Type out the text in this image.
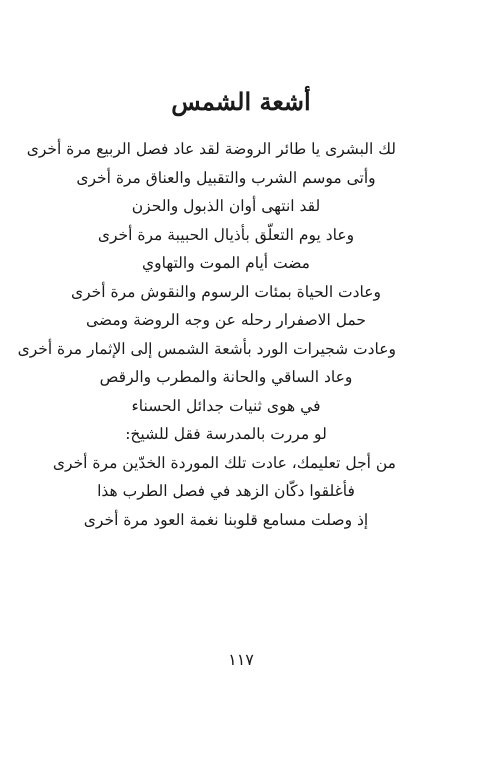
أشعة الشمس
لك البشرى يا طائر الروضة لقد عاد فصل الربيع مرة أخرى
وأتى موسم الشرب والتقبيل والعناق مرة أخرى
لقد انتهى أوان الذبول والحزن
وعاد يوم التعلّق بأذيال الحبيبة مرة أخرى
مضت أيام الموت والتهاوي
وعادت الحياة بمئات الرسوم والنقوش مرة أخرى
حمل الاصفرار رحله عن وجه الروضة ومضى
وعادت شجيرات الورد بأشعة الشمس إلى الإثمار مرة أخرى
وعاد الساقي والحانة والمطرب والرقص
في هوى ثنيات جدائل الحسناء
لو مررت بالمدرسة فقل للشيخ:
من أجل تعليمك، عادت تلك الموردة الخدّين مرة أخرى
فأغلقوا دكّان الزهد في فصل الطرب هذا
إذ وصلت مسامع قلوبنا نغمة العود مرة أخرى
١١٧
